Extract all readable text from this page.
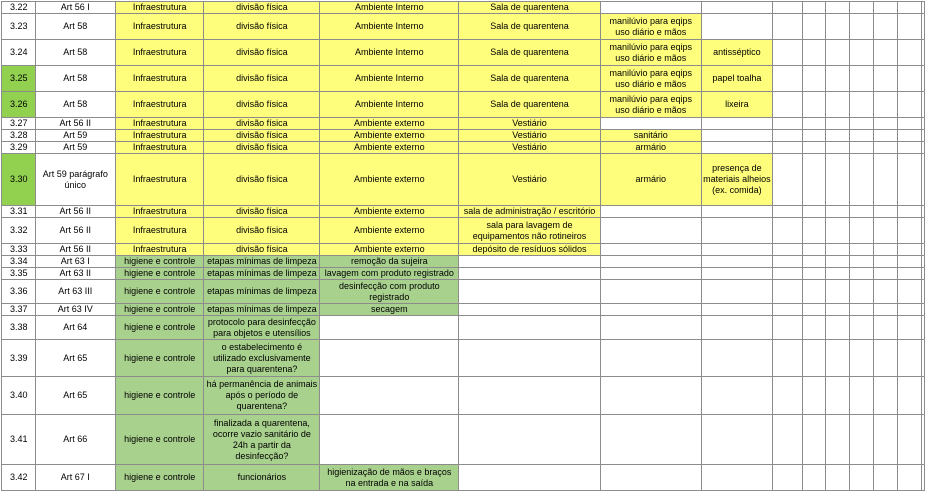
3.22	Art 56 I	Infraestrutura	divisão física	Ambiente Interno	Sala de quarentena									
3.23	Art 58	Infraestrutura	divisão física	Ambiente Interno	Sala de quarentena	manilúvio para eqips uso diário e mãos								
3.24	Art 58	Infraestrutura	divisão física	Ambiente Interno	Sala de quarentena	manilúvio para eqips uso diário e mãos	antisséptico							
3.25	Art 58	Infraestrutura	divisão física	Ambiente Interno	Sala de quarentena	manilúvio para eqips uso diário e mãos	papel toalha							
3.26	Art 58	Infraestrutura	divisão física	Ambiente Interno	Sala de quarentena	manilúvio para eqips uso diário e mãos	lixeira							
3.27	Art 56 II	Infraestrutura	divisão física	Ambiente externo	Vestiário									
3.28	Art 59	Infraestrutura	divisão física	Ambiente externo	Vestiário	sanitário								
3.29	Art 59	Infraestrutura	divisão física	Ambiente externo	Vestiário	armário								
3.30	Art 59 parágrafo único	Infraestrutura	divisão física	Ambiente externo	Vestiário	armário	presença de materiais alheios (ex. comida)							
3.31	Art 56 II	Infraestrutura	divisão física	Ambiente externo	sala de administração / escritório									
3.32	Art 56 II	Infraestrutura	divisão física	Ambiente externo	sala para lavagem de equipamentos não rotineiros									
3.33	Art 56 II	Infraestrutura	divisão física	Ambiente externo	depósito de resíduos sólidos									
3.34	Art 63 I	higiene e controle	etapas mínimas de limpeza	remoção da sujeira										
3.35	Art 63 II	higiene e controle	etapas mínimas de limpeza	lavagem com produto registrado										
3.36	Art 63 III	higiene e controle	etapas mínimas de limpeza	desinfecção com produto registrado										
3.37	Art 63 IV	higiene e controle	etapas mínimas de limpeza	secagem										
3.38	Art 64	higiene e controle	protocolo para desinfecção para objetos e utensílios											
3.39	Art 65	higiene e controle	o estabelecimento é utilizado exclusivamente para quarentena?											
3.40	Art 65	higiene e controle	há permanência de animais após o período de quarentena?											
3.41	Art 66	higiene e controle	finalizada a quarentena, ocorre vazio sanitário de 24h a partir da desinfecção?											
3.42	Art 67 I	higiene e controle	funcionários	higienização de mãos e braços na entrada e na saída										
